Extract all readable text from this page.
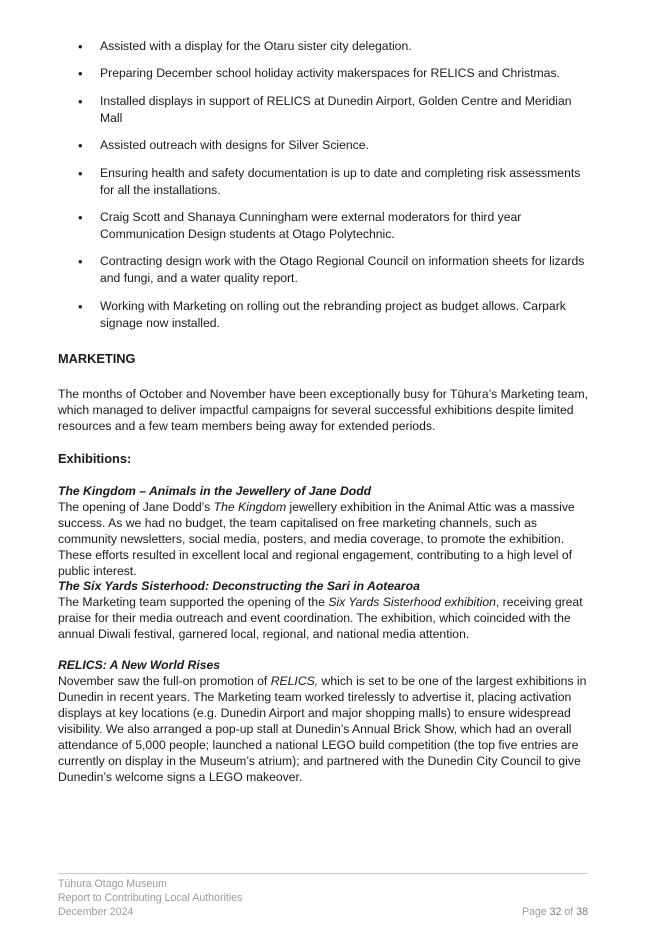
• Assisted with a display for the Otaru sister city delegation.
• Preparing December school holiday activity makerspaces for RELICS and Christmas.
• Installed displays in support of RELICS at Dunedin Airport, Golden Centre and Meridian Mall
• Assisted outreach with designs for Silver Science.
• Ensuring health and safety documentation is up to date and completing risk assessments for all the installations.
• Craig Scott and Shanaya Cunningham were external moderators for third year Communication Design students at Otago Polytechnic.
• Contracting design work with the Otago Regional Council on information sheets for lizards and fungi, and a water quality report.
• Working with Marketing on rolling out the rebranding project as budget allows. Carpark signage now installed.
MARKETING
The months of October and November have been exceptionally busy for Tūhura’s Marketing team, which managed to deliver impactful campaigns for several successful exhibitions despite limited resources and a few team members being away for extended periods.
Exhibitions:
The Kingdom – Animals in the Jewellery of Jane Dodd
The opening of Jane Dodd’s The Kingdom jewellery exhibition in the Animal Attic was a massive success. As we had no budget, the team capitalised on free marketing channels, such as community newsletters, social media, posters, and media coverage, to promote the exhibition. These efforts resulted in excellent local and regional engagement, contributing to a high level of public interest.
The Six Yards Sisterhood: Deconstructing the Sari in Aotearoa
The Marketing team supported the opening of the Six Yards Sisterhood exhibition, receiving great praise for their media outreach and event coordination. The exhibition, which coincided with the annual Diwali festival, garnered local, regional, and national media attention.
RELICS: A New World Rises
November saw the full-on promotion of RELICS, which is set to be one of the largest exhibitions in Dunedin in recent years. The Marketing team worked tirelessly to advertise it, placing activation displays at key locations (e.g. Dunedin Airport and major shopping malls) to ensure widespread visibility. We also arranged a pop-up stall at Dunedin’s Annual Brick Show, which had an overall attendance of 5,000 people; launched a national LEGO build competition (the top five entries are currently on display in the Museum’s atrium); and partnered with the Dunedin City Council to give Dunedin’s welcome signs a LEGO makeover.
Tūhura Otago Museum
Report to Contributing Local Authorities
December 2024	Page 32 of 38
